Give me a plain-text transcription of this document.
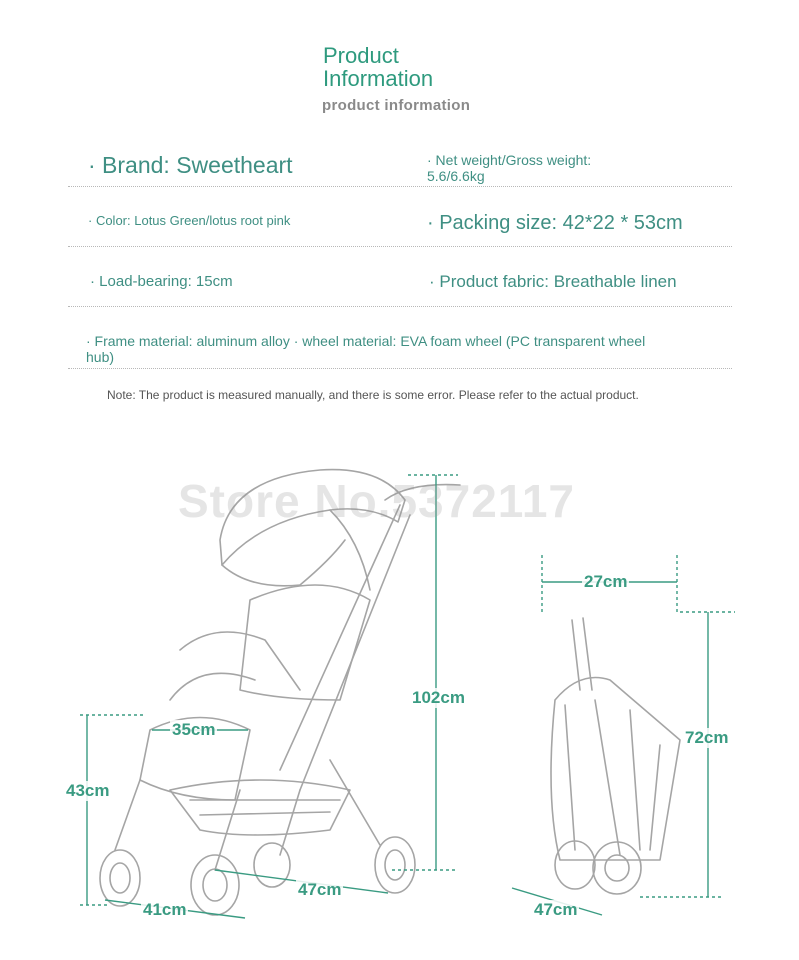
Product
Information
product information
· Brand: Sweetheart	· Net weight/Gross weight:
5.6/6.6kg
· Color: Lotus Green/lotus root pink	· Packing size: 42*22 * 53cm
· Load-bearing: 15cm	· Product fabric: Breathable linen
· Frame material: aluminum alloy · wheel material: EVA foam wheel (PC transparent wheel
hub)
Note: The product is measured manually, and there is some error. Please refer to the actual product.
Store No.5372117
102cm
35cm
43cm
41cm
47cm
27cm
72cm
47cm
